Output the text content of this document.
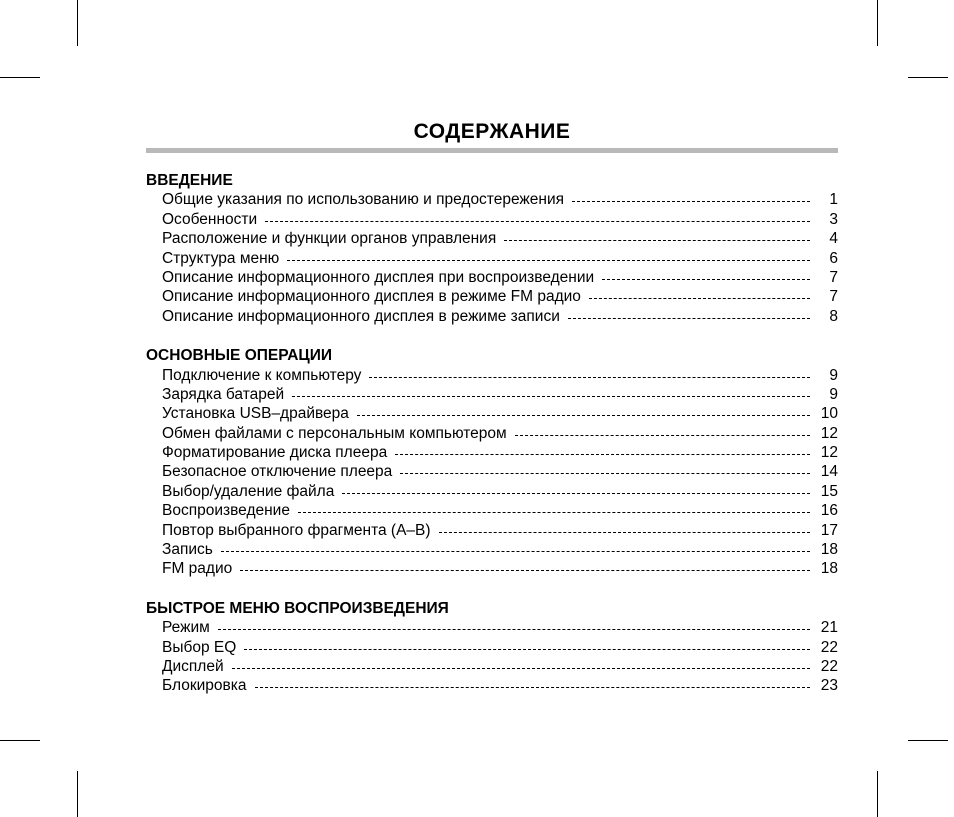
СОДЕРЖАНИЕ
ВВЕДЕНИЕ
Общие указания по использованию и предостережения	1
Особенности	3
Расположение и функции органов управления	4
Структура меню	6
Описание информационного дисплея при воспроизведении	7
Описание информационного дисплея в режиме FM радио	7
Описание информационного дисплея в режиме записи	8
ОСНОВНЫЕ ОПЕРАЦИИ
Подключение к компьютеру	9
Зарядка батарей	9
Установка USB–драйвера	10
Обмен файлами с персональным компьютером	12
Форматирование диска плеера	12
Безопасное отключение плеера	14
Выбор/удаление файла	15
Воспроизведение	16
Повтор выбранного фрагмента (A–B)	17
Запись	18
FM радио	18
БЫСТРОЕ МЕНЮ ВОСПРОИЗВЕДЕНИЯ
Режим	21
Выбор EQ	22
Дисплей	22
Блокировка	23
